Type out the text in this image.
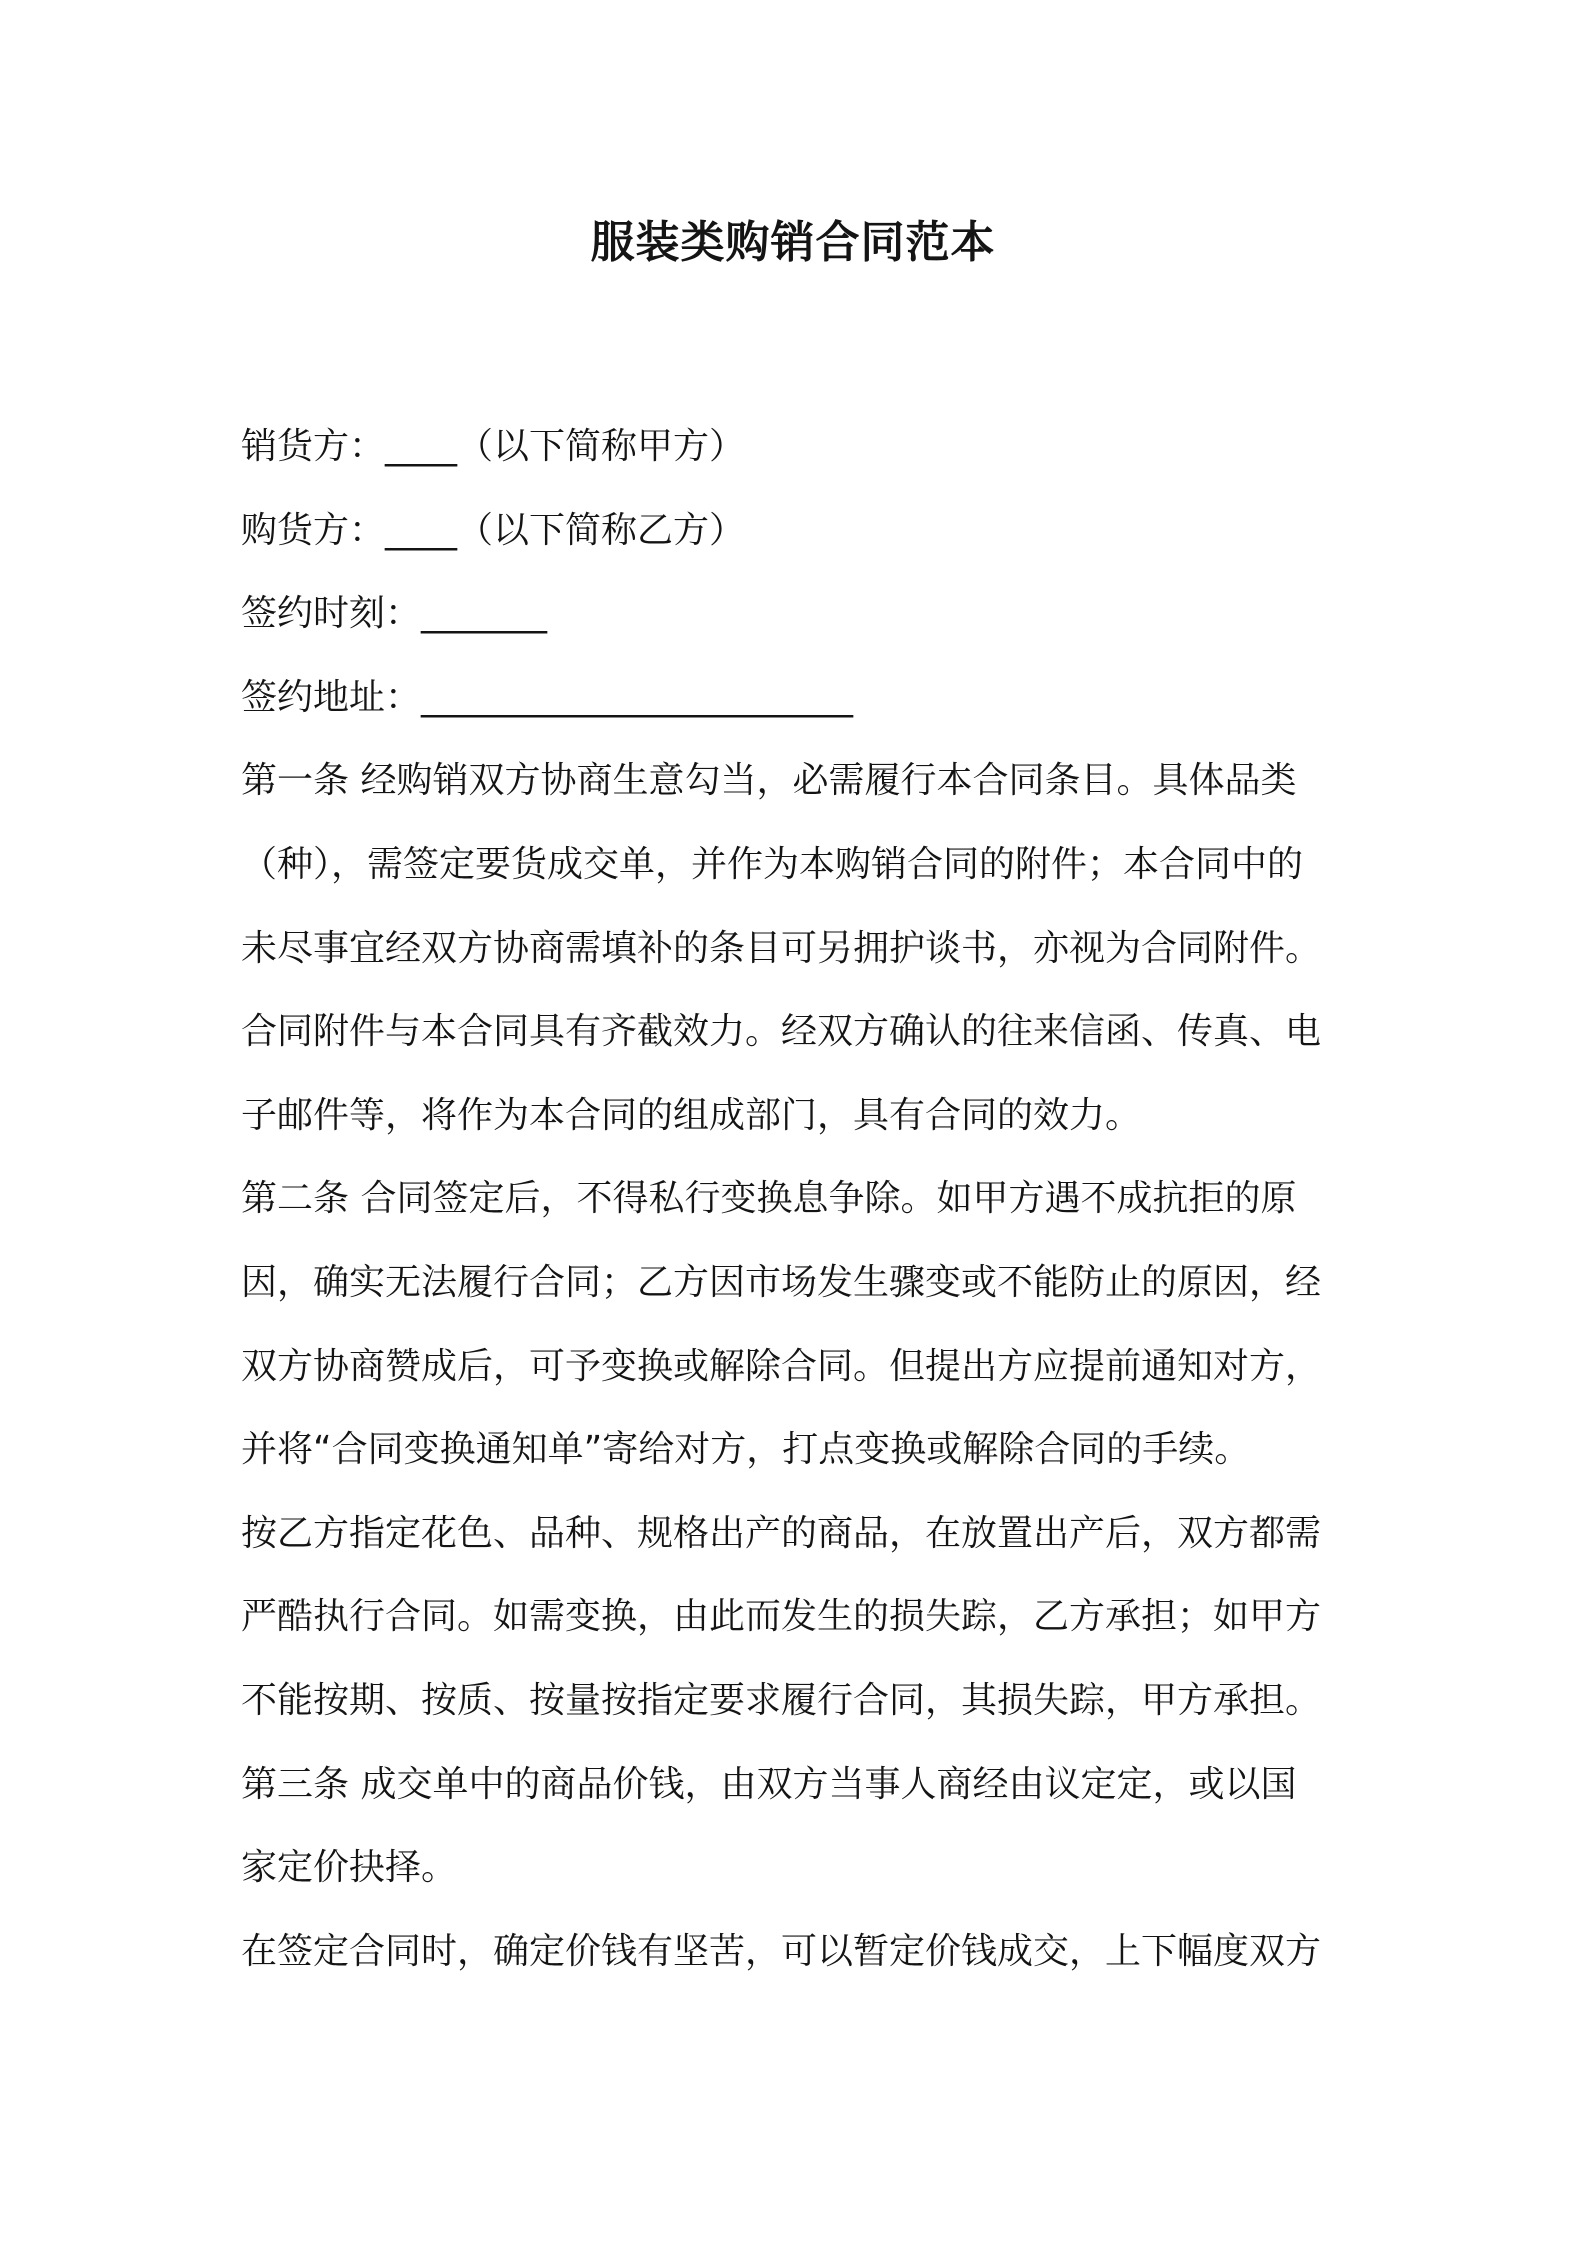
服装类购销合同范本
销货方：____（以下简称甲方）
购货方：____（以下简称乙方）
签约时刻：_______
签约地址：________________________
第一条 经购销双方协商生意勾当，必需履行本合同条目。具体品类
（种），需签定要货成交单，并作为本购销合同的附件；本合同中的
未尽事宜经双方协商需填补的条目可另拥护谈书，亦视为合同附件。
合同附件与本合同具有齐截效力。经双方确认的往来信函、传真、电
子邮件等，将作为本合同的组成部门，具有合同的效力。
第二条 合同签定后，不得私行变换息争除。如甲方遇不成抗拒的原
因，确实无法履行合同；乙方因市场发生骤变或不能防止的原因，经
双方协商赞成后，可予变换或解除合同。但提出方应提前通知对方，
并将“合同变换通知单”寄给对方，打点变换或解除合同的手续。
按乙方指定花色、品种、规格出产的商品，在放置出产后，双方都需
严酷执行合同。如需变换，由此而发生的损失踪，乙方承担；如甲方
不能按期、按质、按量按指定要求履行合同，其损失踪，甲方承担。
第三条 成交单中的商品价钱，由双方当事人商经由议定定，或以国
家定价抉择。
在签定合同时，确定价钱有坚苦，可以暂定价钱成交，上下幅度双方
